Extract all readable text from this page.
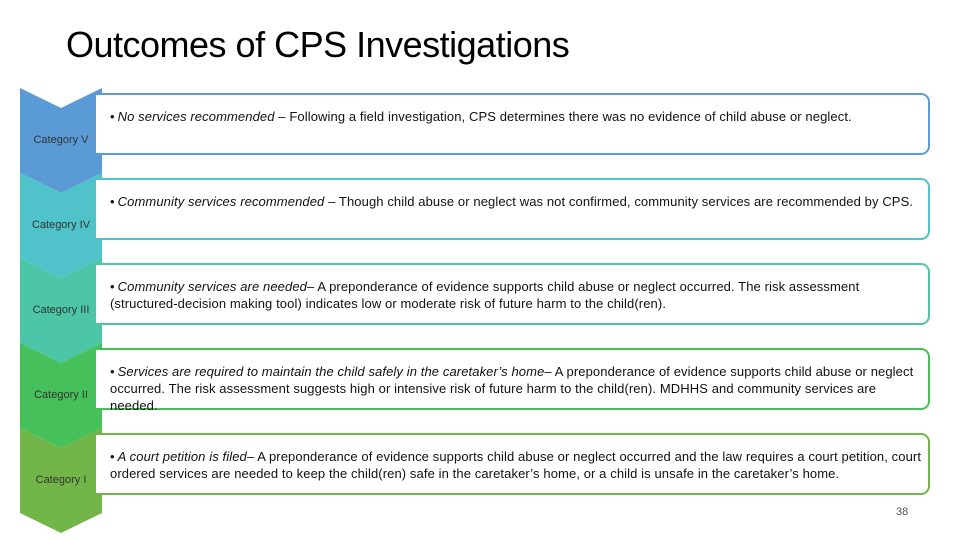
Outcomes of CPS Investigations
• No services recommended – Following a field investigation, CPS determines there was no evidence of child abuse or neglect.
• Community services recommended – Though child abuse or neglect was not confirmed, community services are recommended by CPS.
• Community services are needed– A preponderance of evidence supports child abuse or neglect occurred. The risk assessment (structured-decision making tool) indicates low or moderate risk of future harm to the child(ren).
• Services are required to maintain the child safely in the caretaker’s home– A preponderance of evidence supports child abuse or neglect occurred. The risk assessment suggests high or intensive risk of future harm to the child(ren). MDHHS and community services are needed.
• A court petition is filed– A preponderance of evidence supports child abuse or neglect occurred and the law requires a court petition, court ordered services are needed to keep the child(ren) safe in the caretaker’s home, or a child is unsafe in the caretaker’s home.
38
Category V
Category IV
Category III
Category II
Category I
